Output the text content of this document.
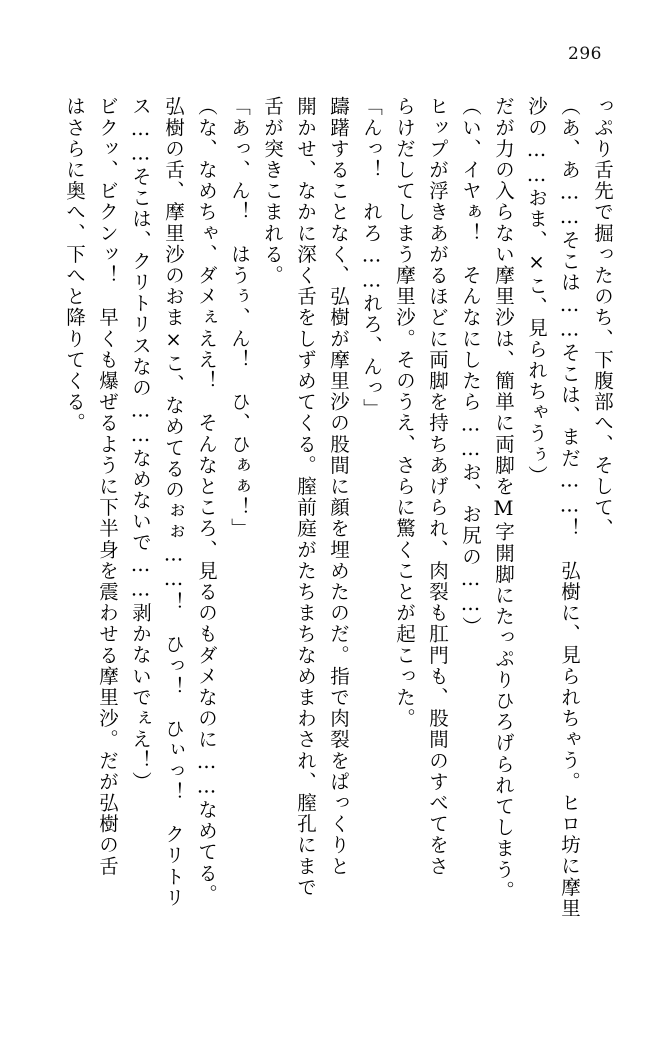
296
っぷり舌先で掘ったのち、下腹部へ、そして、
（あ、あ……そこは……そこは、まだ……！　弘樹に、見られちゃう。ヒロ坊に摩里
沙の……おま、×こ、見られちゃうぅ）
だが力の入らない摩里沙は、簡単に両脚をM字開脚にたっぷりひろげられてしまう。
（い、イヤぁ！　そんなにしたら……お、お尻の……）
ヒップが浮きあがるほどに両脚を持ちあげられ、肉裂も肛門も、股間のすべてをさ
らけだしてしまう摩里沙。そのうえ、さらに驚くことが起こった。
「んっ！　れろ……れろ、んっ」
躊躇することなく、弘樹が摩里沙の股間に顔を埋めたのだ。指で肉裂をぱっくりと
開かせ、なかに深く舌をしずめてくる。膣前庭がたちまちなめまわされ、膣孔にまで
舌が突きこまれる。
「あっ、ん！　はうぅ、ん！　ひ、ひぁぁ！」
（な、なめちゃ、ダメぇええ！　そんなところ、見るのもダメなのに……なめてる。
弘樹の舌、摩里沙のおま×こ、なめてるのぉぉ……！　ひっ！　ひぃっ！　クリトリ
ス……そこは、クリトリスなの……なめないで……剥かないでぇえ！）
ビクッ、ビクンッ！　早くも爆ぜるように下半身を震わせる摩里沙。だが弘樹の舌
はさらに奥へ、下へと降りてくる。
